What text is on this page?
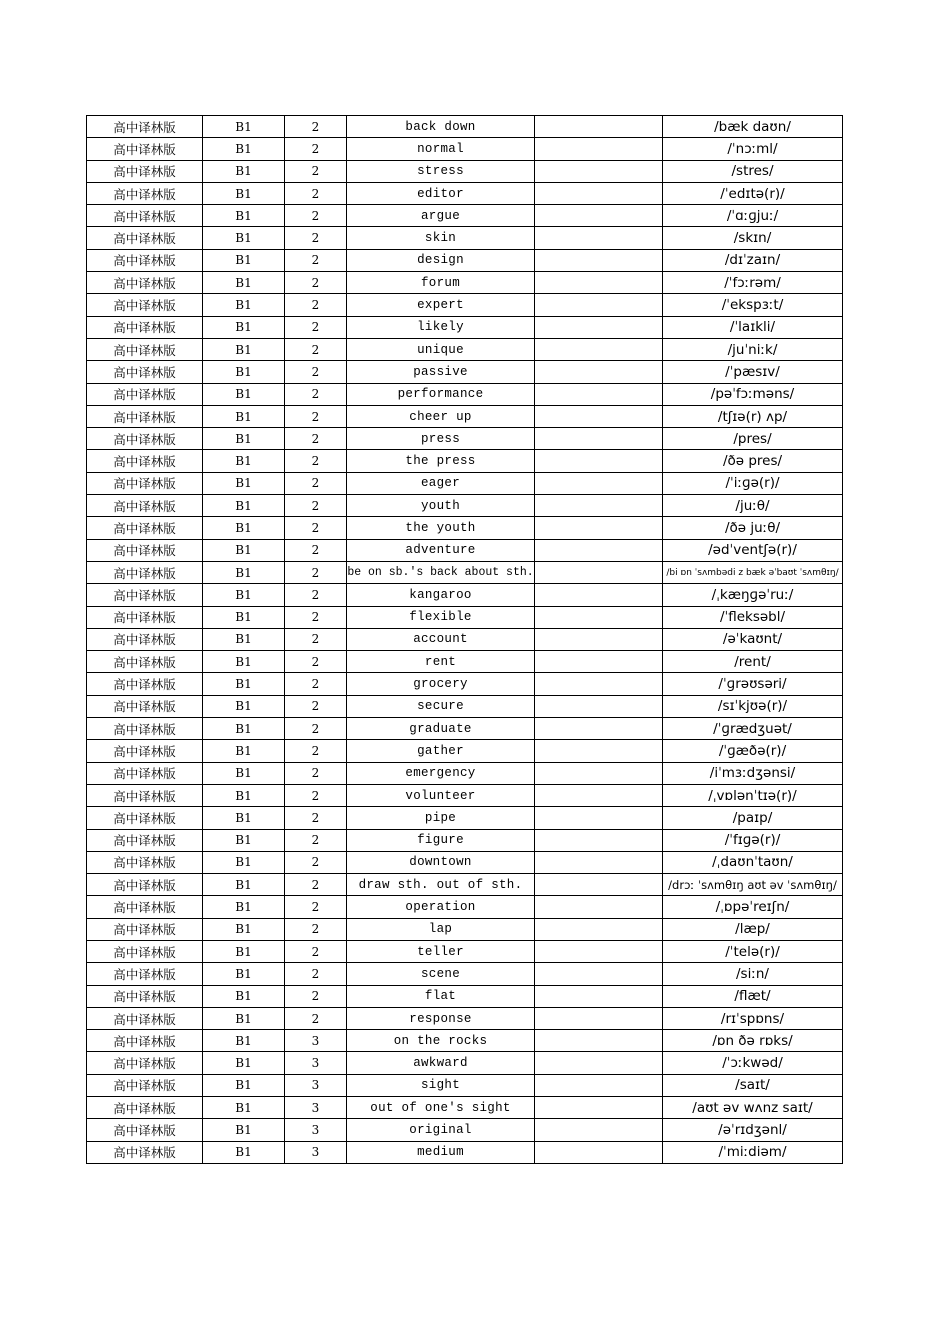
高中译林版	B1	2	back down		/bæk daʊn/
高中译林版	B1	2	normal		/ˈnɔːml/
高中译林版	B1	2	stress		/stres/
高中译林版	B1	2	editor		/ˈedɪtə(r)/
高中译林版	B1	2	argue		/ˈɑːɡjuː/
高中译林版	B1	2	skin		/skɪn/
高中译林版	B1	2	design		/dɪˈzaɪn/
高中译林版	B1	2	forum		/ˈfɔːrəm/
高中译林版	B1	2	expert		/ˈekspɜːt/
高中译林版	B1	2	likely		/ˈlaɪkli/
高中译林版	B1	2	unique		/juˈniːk/
高中译林版	B1	2	passive		/ˈpæsɪv/
高中译林版	B1	2	performance		/pəˈfɔːməns/
高中译林版	B1	2	cheer up		/tʃɪə(r) ʌp/
高中译林版	B1	2	press		/pres/
高中译林版	B1	2	the press		/ðə pres/
高中译林版	B1	2	eager		/ˈiːɡə(r)/
高中译林版	B1	2	youth		/juːθ/
高中译林版	B1	2	the youth		/ðə juːθ/
高中译林版	B1	2	adventure		/ədˈventʃə(r)/
高中译林版	B1	2	be on sb.'s back about sth.		/bi ɒn ˈsʌmbədi z bæk əˈbaʊt ˈsʌmθɪŋ/
高中译林版	B1	2	kangaroo		/ˌkæŋɡəˈruː/
高中译林版	B1	2	flexible		/ˈfleksəbl/
高中译林版	B1	2	account		/əˈkaʊnt/
高中译林版	B1	2	rent		/rent/
高中译林版	B1	2	grocery		/ˈɡrəʊsəri/
高中译林版	B1	2	secure		/sɪˈkjʊə(r)/
高中译林版	B1	2	graduate		/ˈɡrædʒuət/
高中译林版	B1	2	gather		/ˈɡæðə(r)/
高中译林版	B1	2	emergency		/iˈmɜːdʒənsi/
高中译林版	B1	2	volunteer		/ˌvɒlənˈtɪə(r)/
高中译林版	B1	2	pipe		/paɪp/
高中译林版	B1	2	figure		/ˈfɪɡə(r)/
高中译林版	B1	2	downtown		/ˌdaʊnˈtaʊn/
高中译林版	B1	2	draw sth. out of sth.		/drɔː ˈsʌmθɪŋ aʊt əv ˈsʌmθɪŋ/
高中译林版	B1	2	operation		/ˌɒpəˈreɪʃn/
高中译林版	B1	2	lap		/læp/
高中译林版	B1	2	teller		/ˈtelə(r)/
高中译林版	B1	2	scene		/siːn/
高中译林版	B1	2	flat		/flæt/
高中译林版	B1	2	response		/rɪˈspɒns/
高中译林版	B1	3	on the rocks		/ɒn ðə rɒks/
高中译林版	B1	3	awkward		/ˈɔːkwəd/
高中译林版	B1	3	sight		/saɪt/
高中译林版	B1	3	out of one's sight		/aʊt əv wʌnz saɪt/
高中译林版	B1	3	original		/əˈrɪdʒənl/
高中译林版	B1	3	medium		/ˈmiːdiəm/
